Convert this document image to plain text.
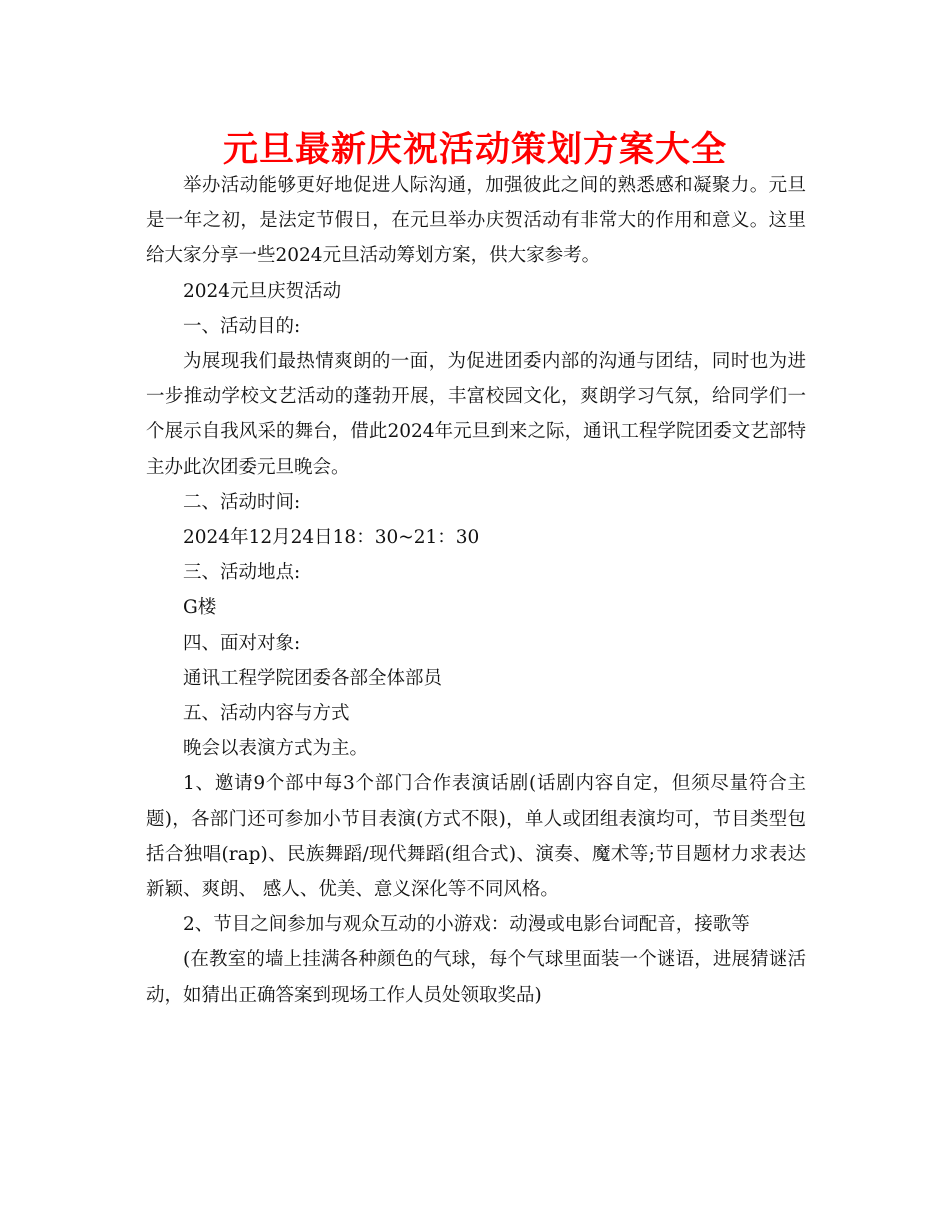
元旦最新庆祝活动策划方案大全

举办活动能够更好地促进人际沟通，加强彼此之间的熟悉感和凝聚力。元旦是一年之初，是法定节假日，在元旦举办庆贺活动有非常大的作用和意义。这里给大家分享一些2024元旦活动筹划方案，供大家参考。

2024元旦庆贺活动

一、活动目的:

为展现我们最热情爽朗的一面，为促进团委内部的沟通与团结，同时也为进一步推动学校文艺活动的蓬勃开展，丰富校园文化，爽朗学习气氛，给同学们一个展示自我风采的舞台，借此2024年元旦到来之际，通讯工程学院团委文艺部特主办此次团委元旦晚会。

二、活动时间:

2024年12月24日18：30~21：30

三、活动地点:

G楼

四、面对对象:

通讯工程学院团委各部全体部员

五、活动内容与方式

晚会以表演方式为主。

1、邀请9个部中每3个部门合作表演话剧(话剧内容自定，但须尽量符合主题)，各部门还可参加小节目表演(方式不限)，单人或团组表演均可，节目类型包括合独唱(rap)、民族舞蹈/现代舞蹈(组合式)、演奏、魔术等;节目题材力求表达新颖、爽朗、 感人、优美、意义深化等不同风格。

2、节目之间参加与观众互动的小游戏：动漫或电影台词配音，接歌等

(在教室的墙上挂满各种颜色的气球，每个气球里面装一个谜语，进展猜谜活动，如猜出正确答案到现场工作人员处领取奖品)
